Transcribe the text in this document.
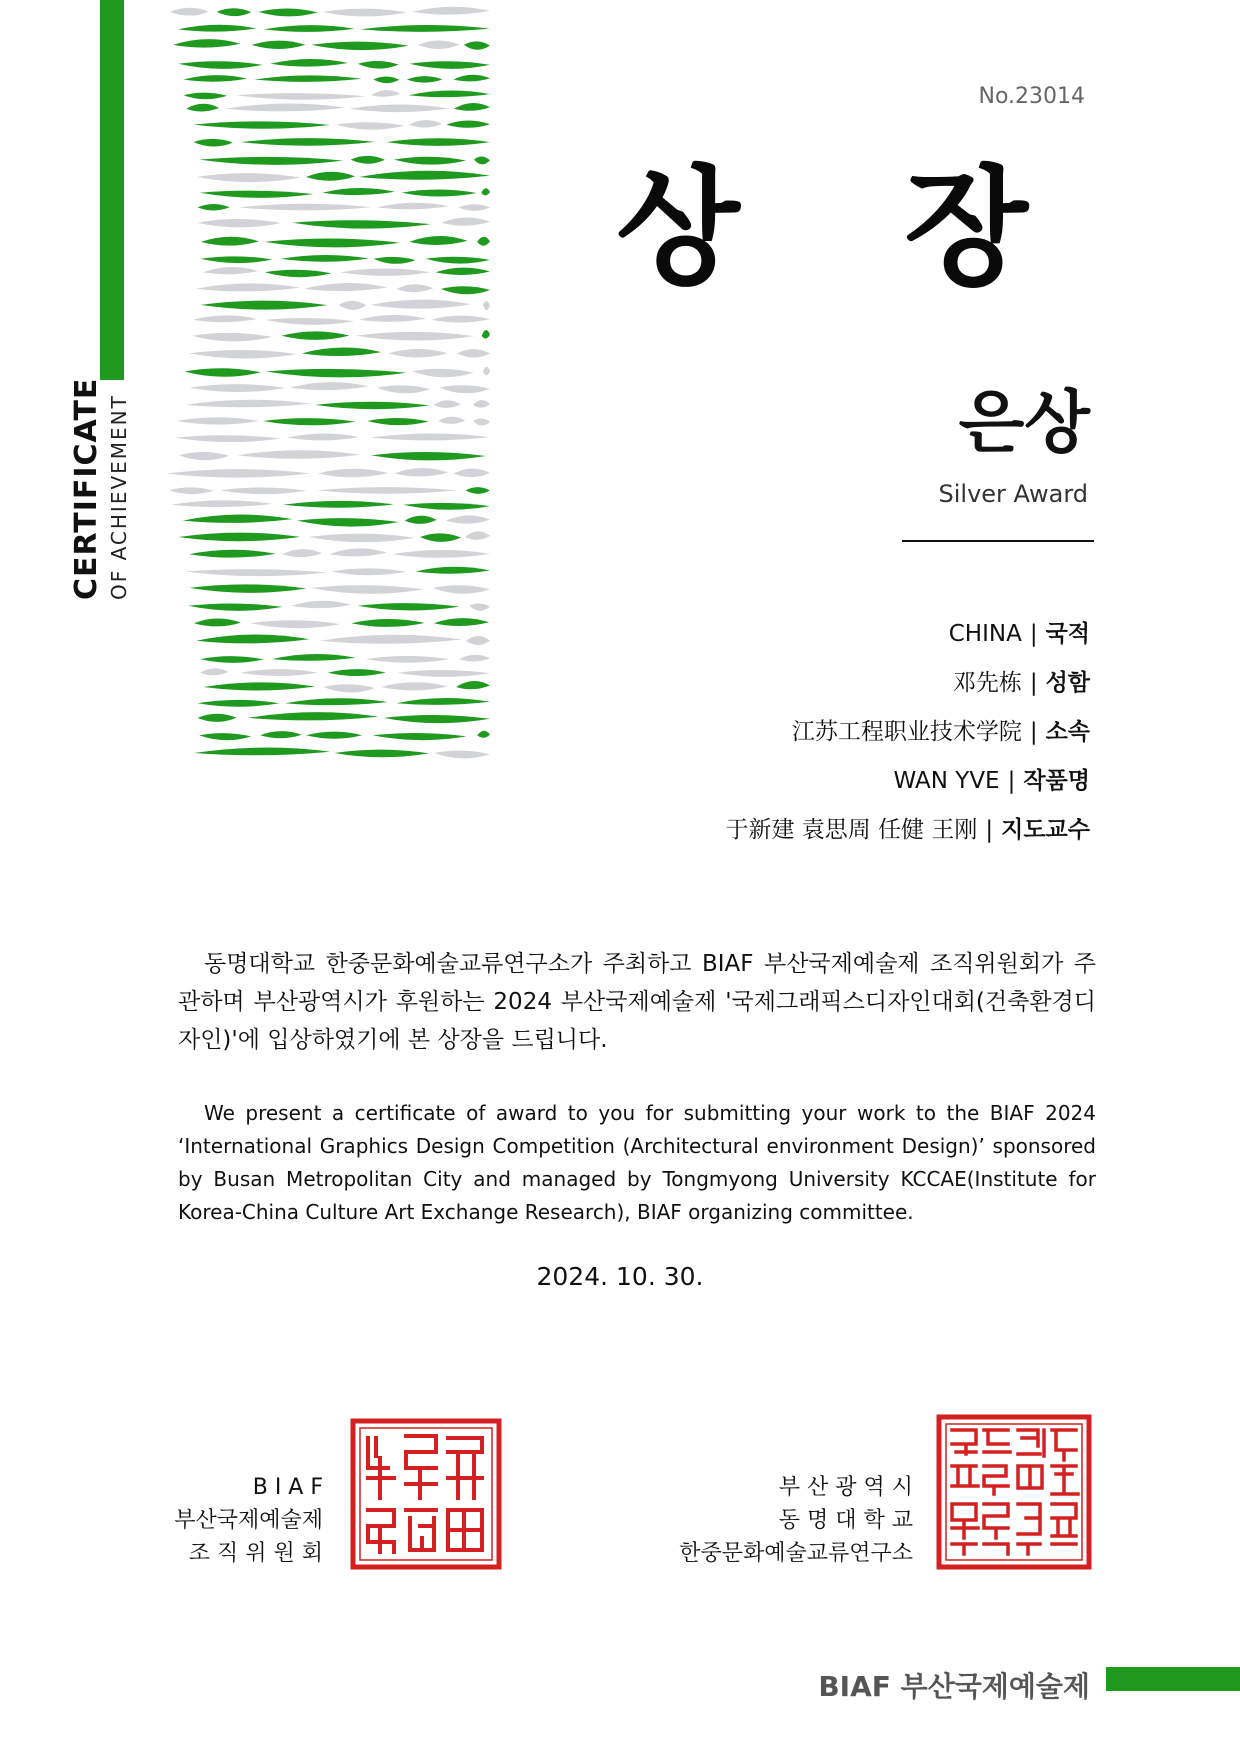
CERTIFICATE OF ACHIEVEMENT
No.23014
상 장
은상
Silver Award
CHINA | 국적
邓先栋 | 성함
江苏工程职业技术学院 | 소속
WAN YVE | 작품명
于新建 袁思周 任健 王刚 | 지도교수
동명대학교 한중문화예술교류연구소가 주최하고 BIAF 부산국제예술제 조직위원회가 주관하며 부산광역시가 후원하는 2024 부산국제예술제 '국제그래픽스디자인대회(건축환경디자인)'에 입상하였기에 본 상장을 드립니다.
We present a certificate of award to you for submitting your work to the BIAF 2024 ‘International Graphics Design Competition (Architectural environment Design)’ sponsored by Busan Metropolitan City and managed by Tongmyong University KCCAE(Institute for Korea-China Culture Art Exchange Research), BIAF organizing committee.
2024. 10. 30.
B I A F
부산국제예술제
조 직 위 원 회
부 산 광 역 시
동 명 대 학 교
한중문화예술교류연구소
BIAF 부산국제예술제
